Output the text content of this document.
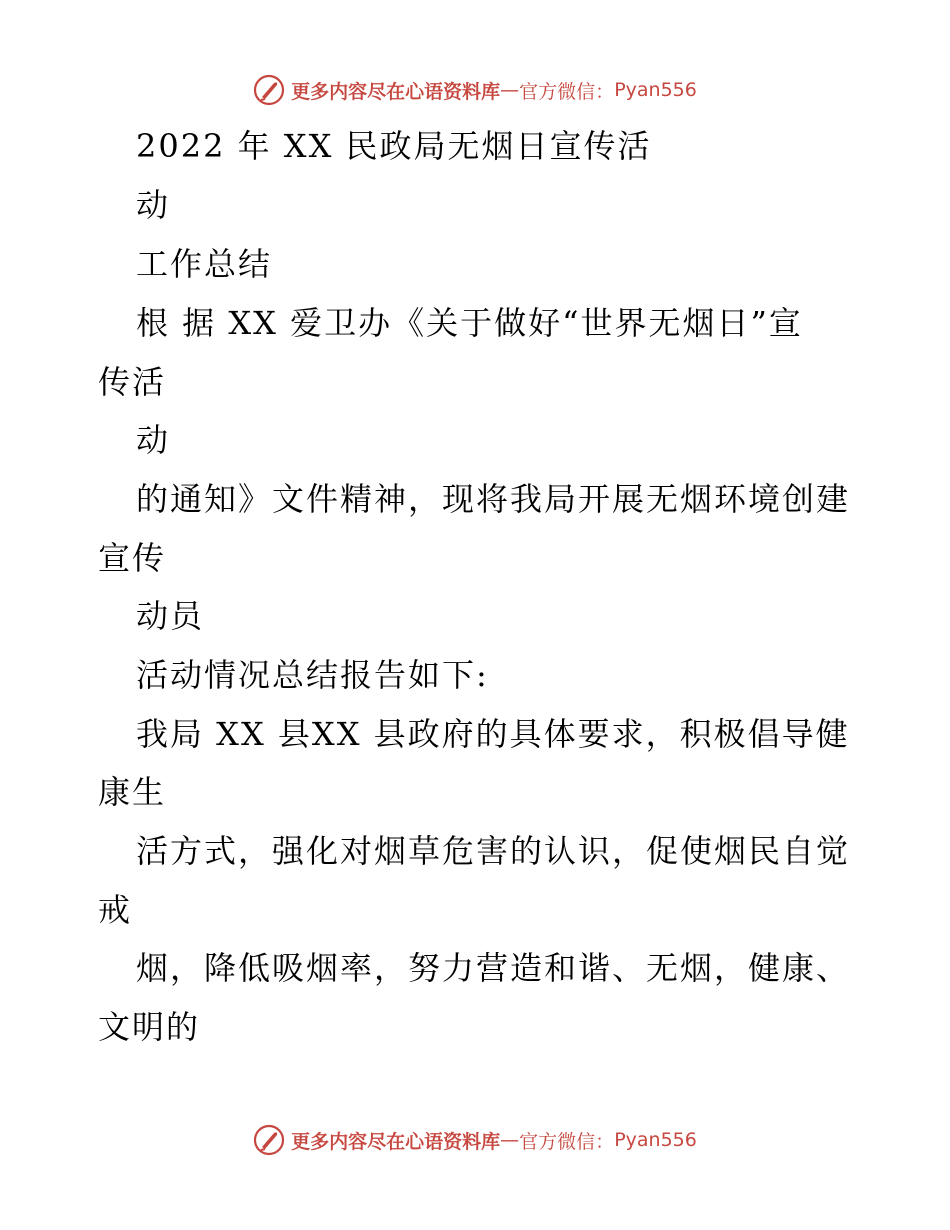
更多内容尽在心语资料库 — 官方微信： Pyan556
2022 年 XX 民政局无烟日宣传活
动
工作总结
根 据 XX 爱卫办《关于做好“世界无烟日”宣
传活
动
的通知》文件精神，现将我局开展无烟环境创建
宣传
动员
活动情况总结报告如下:
我局 XX 县XX 县政府的具体要求，积极倡导健
康生
活方式，强化对烟草危害的认识，促使烟民自觉
戒
烟，降低吸烟率，努力营造和谐、无烟，健康、
文明的
更多内容尽在心语资料库 — 官方微信： Pyan556
